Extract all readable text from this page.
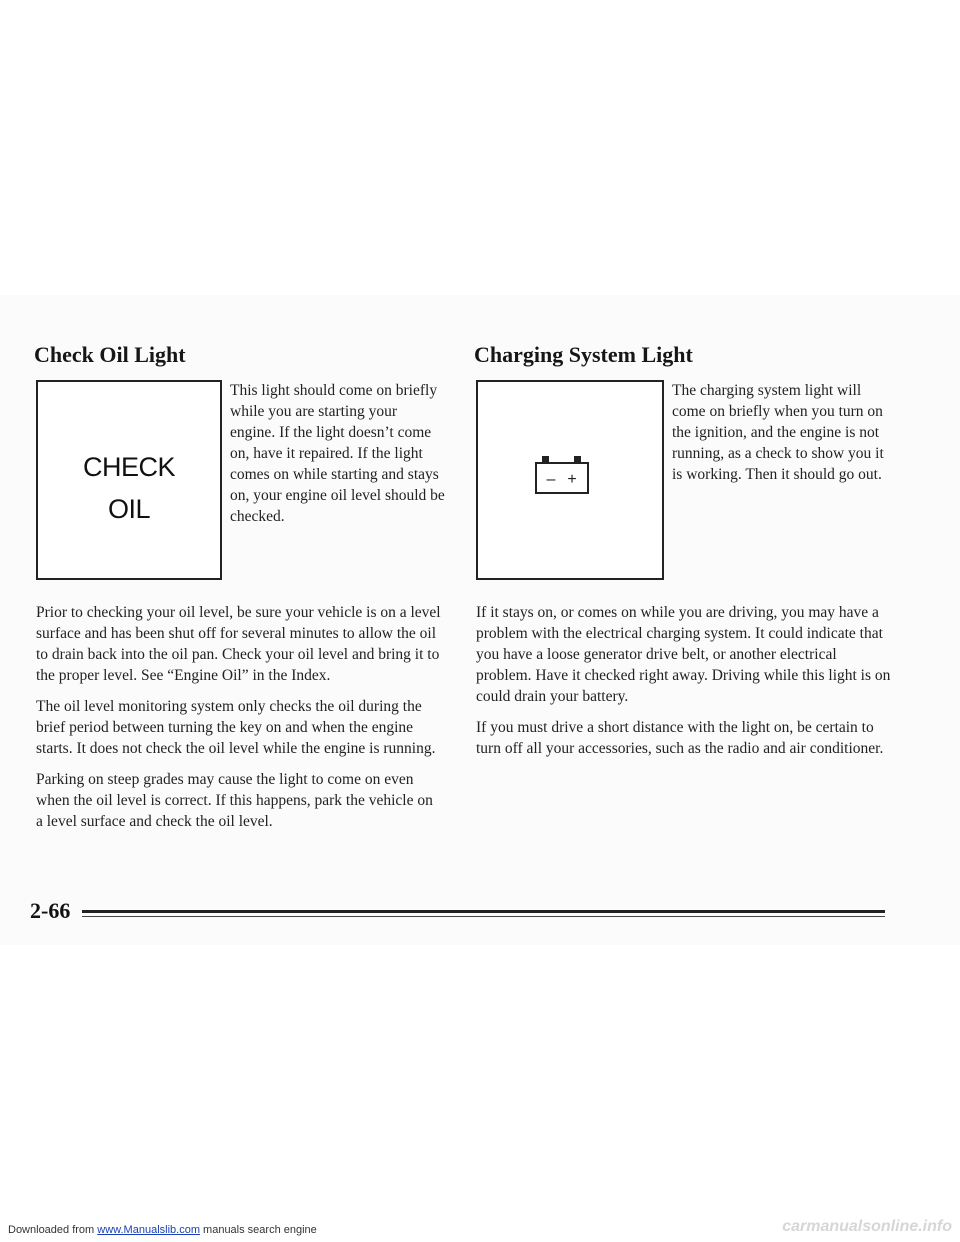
Check Oil Light
CHECK
OIL
This light should come on briefly while you are starting your engine. If the light doesn’t come on, have it repaired. If the light comes on while starting and stays on, your engine oil level should be checked.

Prior to checking your oil level, be sure your vehicle is on a level surface and has been shut off for several minutes to allow the oil to drain back into the oil pan. Check your oil level and bring it to the proper level. See “Engine Oil” in the Index.

The oil level monitoring system only checks the oil during the brief period between turning the key on and when the engine starts. It does not check the oil level while the engine is running.

Parking on steep grades may cause the light to come on even when the oil level is correct. If this happens, park the vehicle on a level surface and check the oil level.

Charging System Light
– +
The charging system light will come on briefly when you turn on the ignition, and the engine is not running, as a check to show you it is working. Then it should go out.

If it stays on, or comes on while you are driving, you may have a problem with the electrical charging system. It could indicate that you have a loose generator drive belt, or another electrical problem. Have it checked right away. Driving while this light is on could drain your battery.

If you must drive a short distance with the light on, be certain to turn off all your accessories, such as the radio and air conditioner.

2-66
Downloaded from www.Manualslib.com manuals search engine	carmanualsonline.info
